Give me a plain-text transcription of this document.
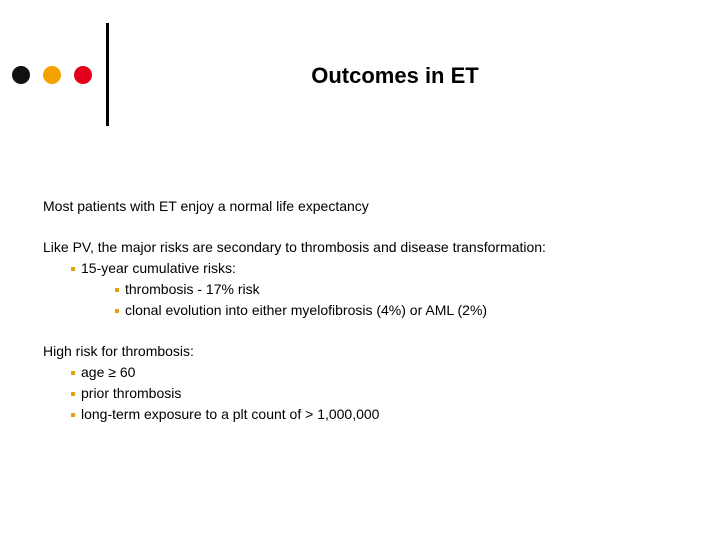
Outcomes in ET
Most patients with ET enjoy a normal life expectancy
Like PV, the major risks are secondary to thrombosis and disease transformation:
15-year cumulative risks:
thrombosis - 17% risk
clonal evolution into either myelofibrosis (4%) or AML (2%)
High risk for thrombosis:
age ≥ 60
prior thrombosis
long-term exposure to a plt count of > 1,000,000
